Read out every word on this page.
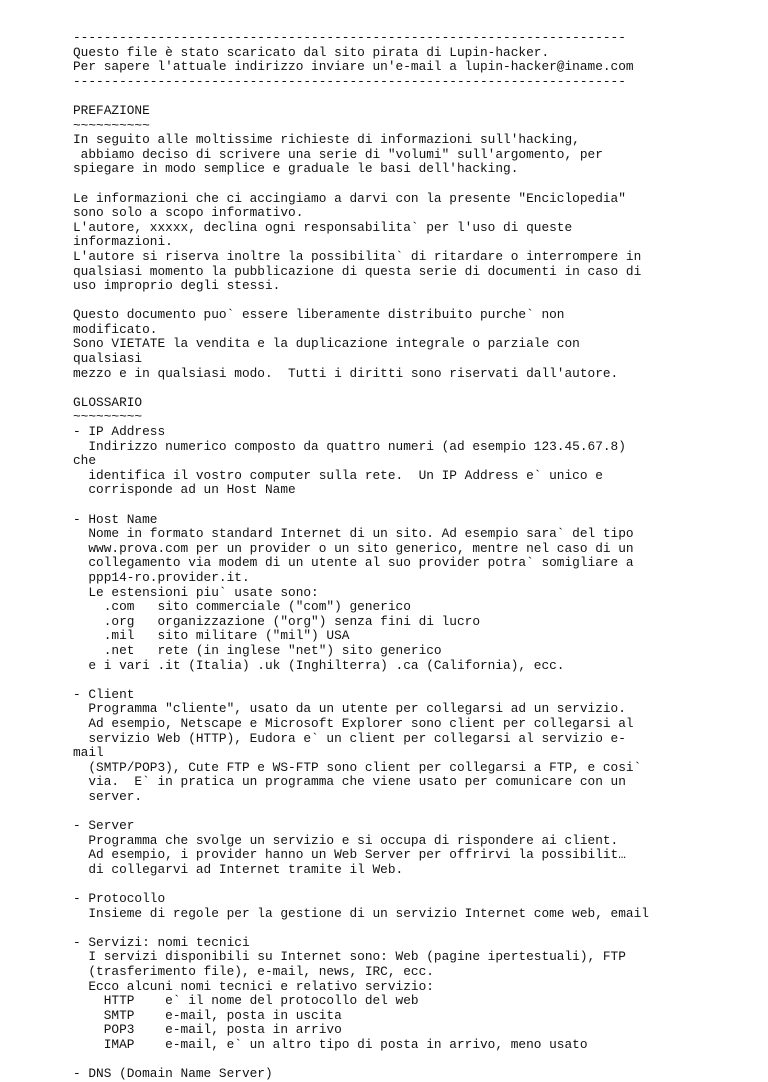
------------------------------------------------------------------------
Questo file è stato scaricato dal sito pirata di Lupin-hacker.
Per sapere l'attuale indirizzo inviare un'e-mail a lupin-hacker@iname.com
------------------------------------------------------------------------
PREFAZIONE
~~~~~~~~~~
In seguito alle moltissime richieste di informazioni sull'hacking,
abbiamo deciso di scrivere una serie di "volumi" sull'argomento, per
spiegare in modo semplice e graduale le basi dell'hacking.
Le informazioni che ci accingiamo a darvi con la presente "Enciclopedia"
sono solo a scopo informativo.
L'autore, xxxxx, declina ogni responsabilita` per l'uso di queste
informazioni.
L'autore si riserva inoltre la possibilita` di ritardare o interrompere in
qualsiasi momento la pubblicazione di questa serie di documenti in caso di
uso improprio degli stessi.
Questo documento puo` essere liberamente distribuito purche` non
modificato.
Sono VIETATE la vendita e la duplicazione integrale o parziale con
qualsiasi
mezzo e in qualsiasi modo.  Tutti i diritti sono riservati dall'autore.
GLOSSARIO
~~~~~~~~~
- IP Address
Indirizzo numerico composto da quattro numeri (ad esempio 123.45.67.8)
che
identifica il vostro computer sulla rete.  Un IP Address e` unico e
corrisponde ad un Host Name
- Host Name
Nome in formato standard Internet di un sito. Ad esempio sara` del tipo
www.prova.com per un provider o un sito generico, mentre nel caso di un
collegamento via modem di un utente al suo provider potra` somigliare a
ppp14-ro.provider.it.
Le estensioni piu` usate sono:
.com   sito commerciale ("com") generico
.org   organizzazione ("org") senza fini di lucro
.mil   sito militare ("mil") USA
.net   rete (in inglese "net") sito generico
e i vari .it (Italia) .uk (Inghilterra) .ca (California), ecc.
- Client
Programma "cliente", usato da un utente per collegarsi ad un servizio.
Ad esempio, Netscape e Microsoft Explorer sono client per collegarsi al
servizio Web (HTTP), Eudora e` un client per collegarsi al servizio e-
mail
(SMTP/POP3), Cute FTP e WS-FTP sono client per collegarsi a FTP, e cosi`
via.  E` in pratica un programma che viene usato per comunicare con un
server.
- Server
Programma che svolge un servizio e si occupa di rispondere ai client.
Ad esempio, i provider hanno un Web Server per offrirvi la possibilit…
di collegarvi ad Internet tramite il Web.
- Protocollo
Insieme di regole per la gestione di un servizio Internet come web, email
- Servizi: nomi tecnici
I servizi disponibili su Internet sono: Web (pagine ipertestuali), FTP
(trasferimento file), e-mail, news, IRC, ecc.
Ecco alcuni nomi tecnici e relativo servizio:
HTTP    e` il nome del protocollo del web
SMTP    e-mail, posta in uscita
POP3    e-mail, posta in arrivo
IMAP    e-mail, e` un altro tipo di posta in arrivo, meno usato
- DNS (Domain Name Server)
